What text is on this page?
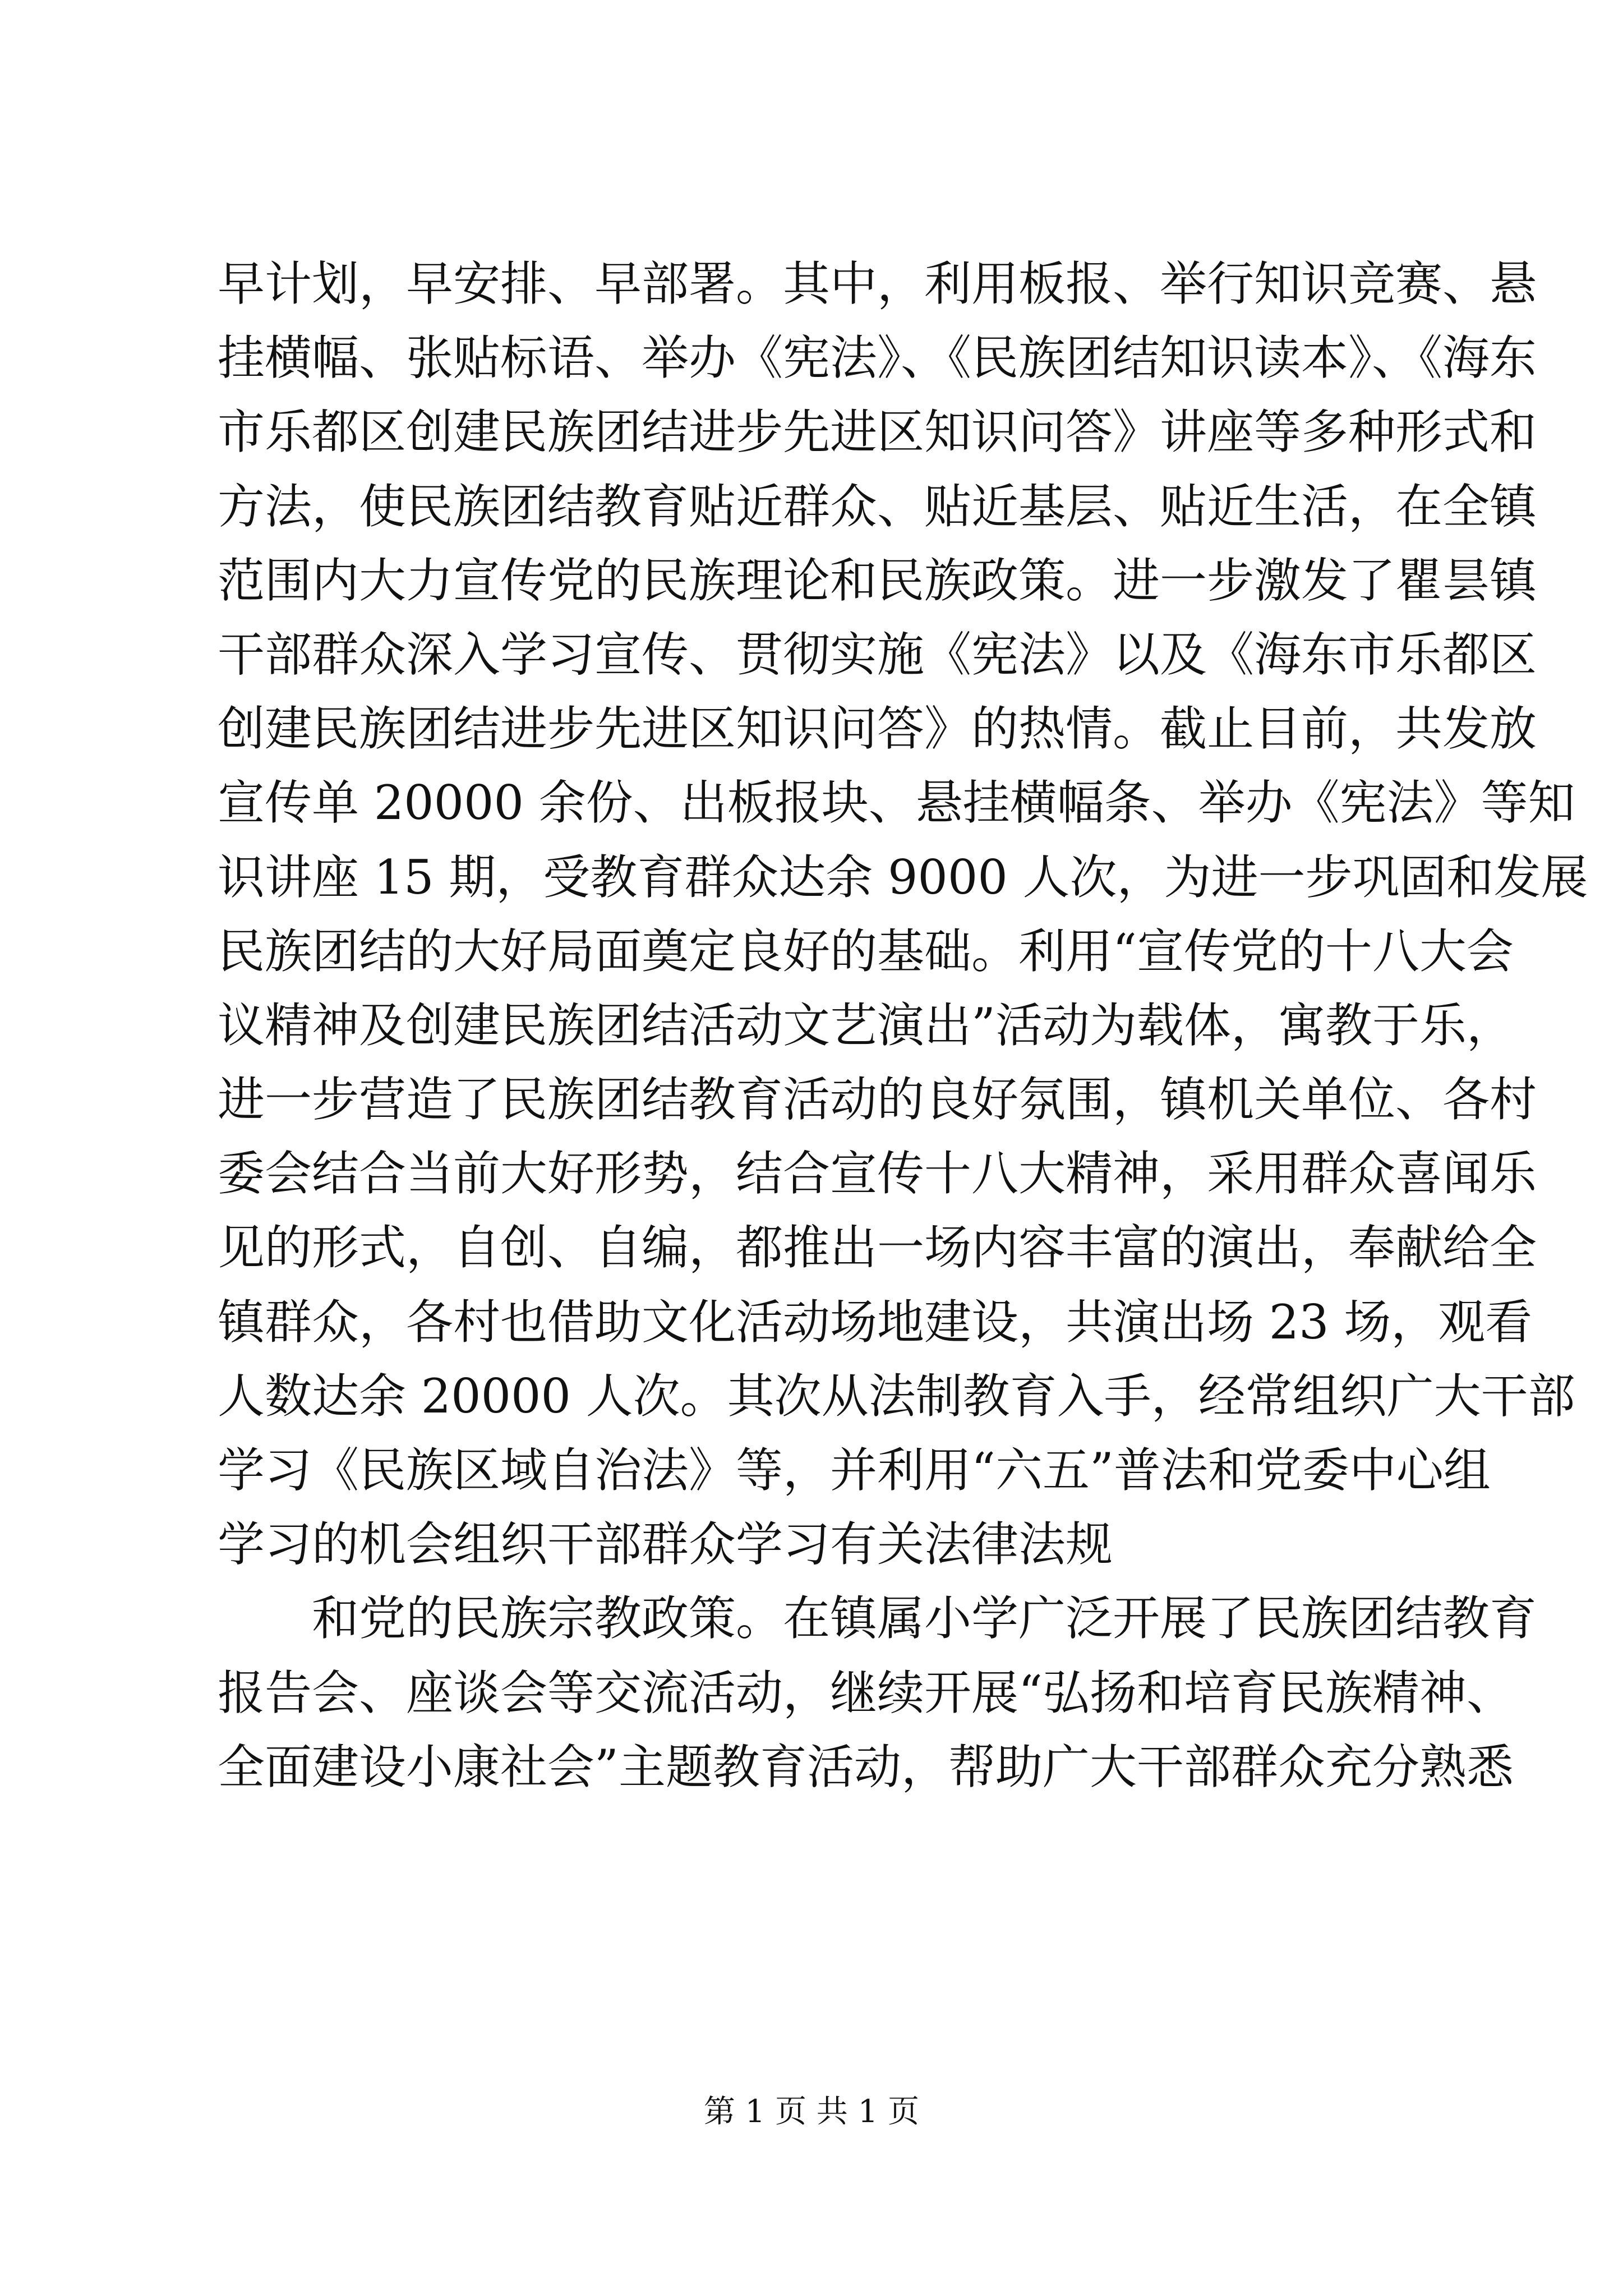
早计划，早安排、早部署。其中，利用板报、举行知识竞赛、悬
挂横幅、张贴标语、举办《宪法》、《民族团结知识读本》、《海东
市乐都区创建民族团结进步先进区知识问答》讲座等多种形式和
方法，使民族团结教育贴近群众、贴近基层、贴近生活，在全镇
范围内大力宣传党的民族理论和民族政策。进一步激发了瞿昙镇
干部群众深入学习宣传、贯彻实施《宪法》以及《海东市乐都区
创建民族团结进步先进区知识问答》的热情。截止目前，共发放
宣传单 20000 余份、出板报块、悬挂横幅条、举办《宪法》等知
识讲座 15 期，受教育群众达余 9000 人次，为进一步巩固和发展
民族团结的大好局面奠定良好的基础。利用“宣传党的十八大会
议精神及创建民族团结活动文艺演出”活动为载体，寓教于乐，
进一步营造了民族团结教育活动的良好氛围，镇机关单位、各村
委会结合当前大好形势，结合宣传十八大精神，采用群众喜闻乐
见的形式，自创、自编，都推出一场内容丰富的演出，奉献给全
镇群众，各村也借助文化活动场地建设，共演出场 23 场，观看
人数达余 20000 人次。其次从法制教育入手，经常组织广大干部
学习《民族区域自治法》等，并利用“六五”普法和党委中心组
学习的机会组织干部群众学习有关法律法规
和党的民族宗教政策。在镇属小学广泛开展了民族团结教育
报告会、座谈会等交流活动，继续开展“弘扬和培育民族精神、
全面建设小康社会”主题教育活动，帮助广大干部群众充分熟悉
第 1 页 共 1 页
